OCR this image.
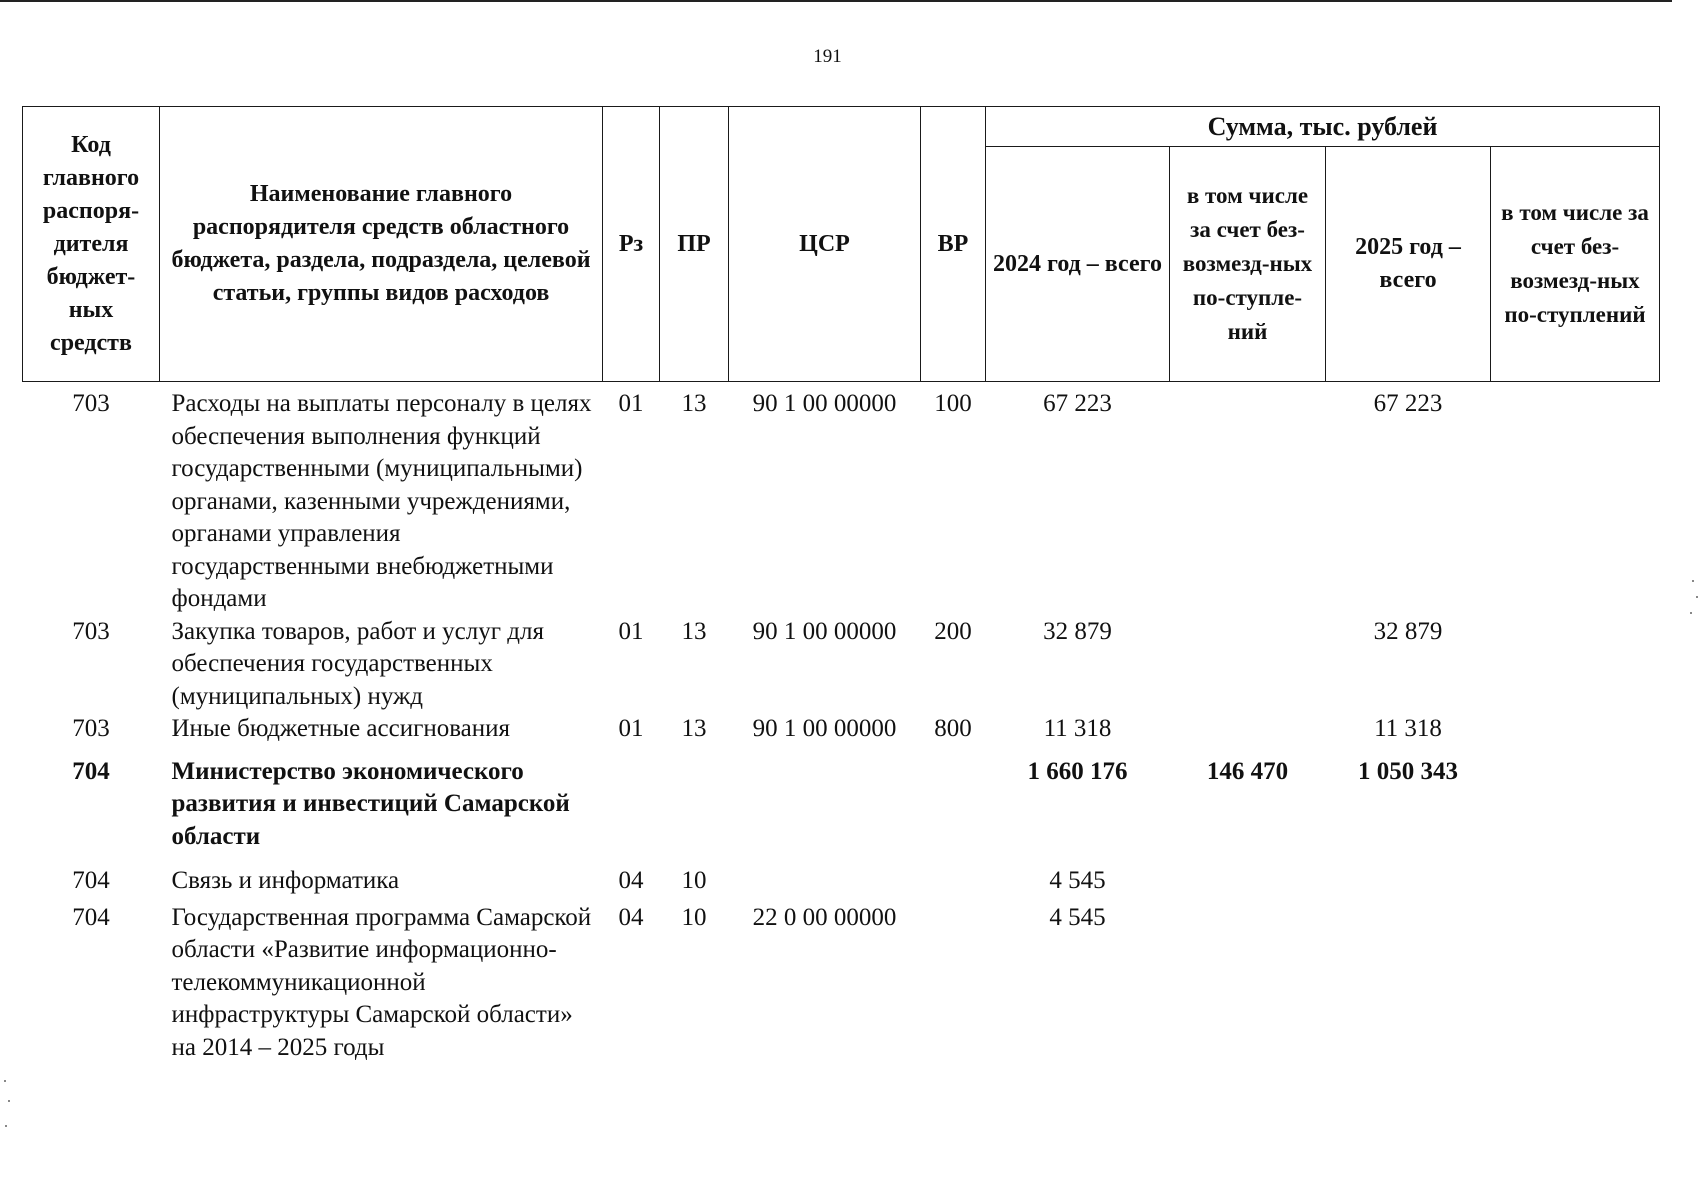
191
Код главного распоря-дителя бюджет-ных средств	Наименование главного распорядителя средств областного бюджета, раздела, подраздела, целевой статьи, группы видов расходов	Рз	ПР	ЦСР	ВР	Сумма, тыс. рублей			
						2024 год – всего	в том числе за счет без-возмезд-ных по-ступле-ний	2025 год – всего	в том числе за счет без-возмезд-ных по-ступлений
703	Расходы на выплаты персоналу в целях обеспечения выполнения функций государственными (муниципальными) органами, казенными учреждениями, органами управления государственными внебюджетными фондами	01	13	90 1 00 00000	100	67 223		67 223	
703	Закупка товаров, работ и услуг для обеспечения государственных (муниципальных) нужд	01	13	90 1 00 00000	200	32 879		32 879	
703	Иные бюджетные ассигнования	01	13	90 1 00 00000	800	11 318		11 318	
704	Министерство экономического развития и инвестиций Самарской области					1 660 176	146 470	1 050 343	
704	Связь и информатика	04	10			4 545			
704	Государственная программа Самарской области «Развитие информационно-телекоммуникационной инфраструктуры Самарской области» на 2014 – 2025 годы	04	10	22 0 00 00000		4 545			
